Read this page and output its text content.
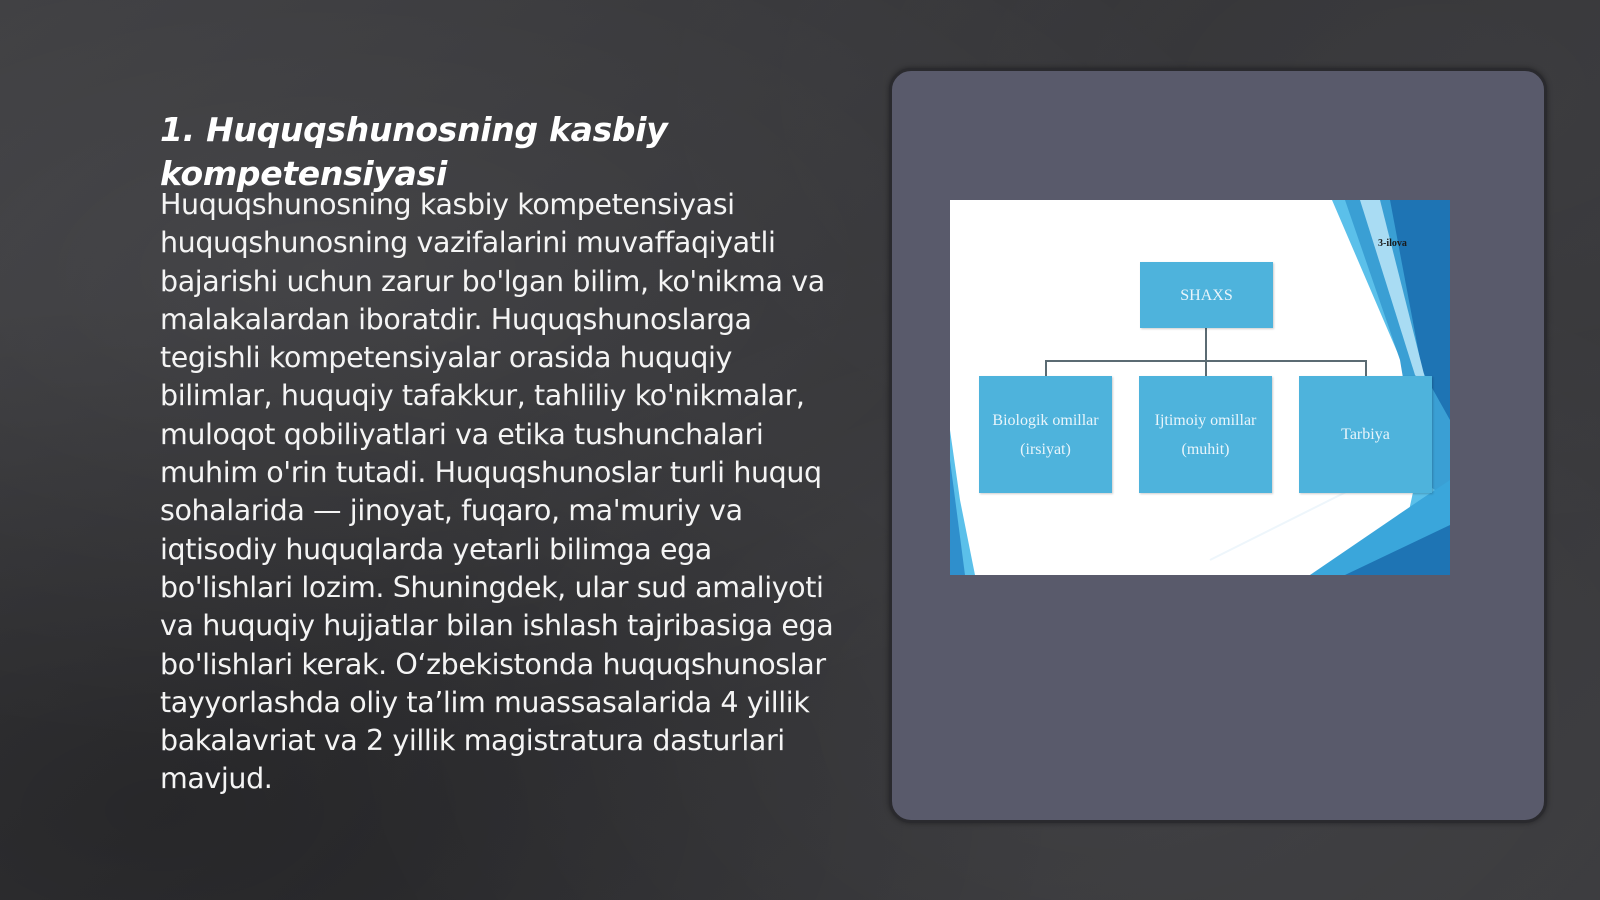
1. Huquqshunosning kasbiy kompetensiyasi
Huquqshunosning kasbiy kompetensiyasi huquqshunosning vazifalarini muvaffaqiyatli bajarishi uchun zarur bo'lgan bilim, ko'nikma va malakalardan iboratdir. Huquqshunoslarga tegishli kompetensiyalar orasida huquqiy bilimlar, huquqiy tafakkur, tahliliy ko'nikmalar, muloqot qobiliyatlari va etika tushunchalari muhim o'rin tutadi. Huquqshunoslar turli huquq sohalarida — jinoyat, fuqaro, ma'muriy va iqtisodiy huquqlarda yetarli bilimga ega bo'lishlari lozim. Shuningdek, ular sud amaliyoti va huquqiy hujjatlar bilan ishlash tajribasiga ega bo'lishlari kerak. O‘zbekistonda huquqshunoslar tayyorlashda oliy ta’lim muassasalarida 4 yillik bakalavriat va 2 yillik magistratura dasturlari mavjud.
3-ilova
SHAXS
Biologik omillar (irsiyat)
Ijtimoiy omillar (muhit)
Tarbiya
